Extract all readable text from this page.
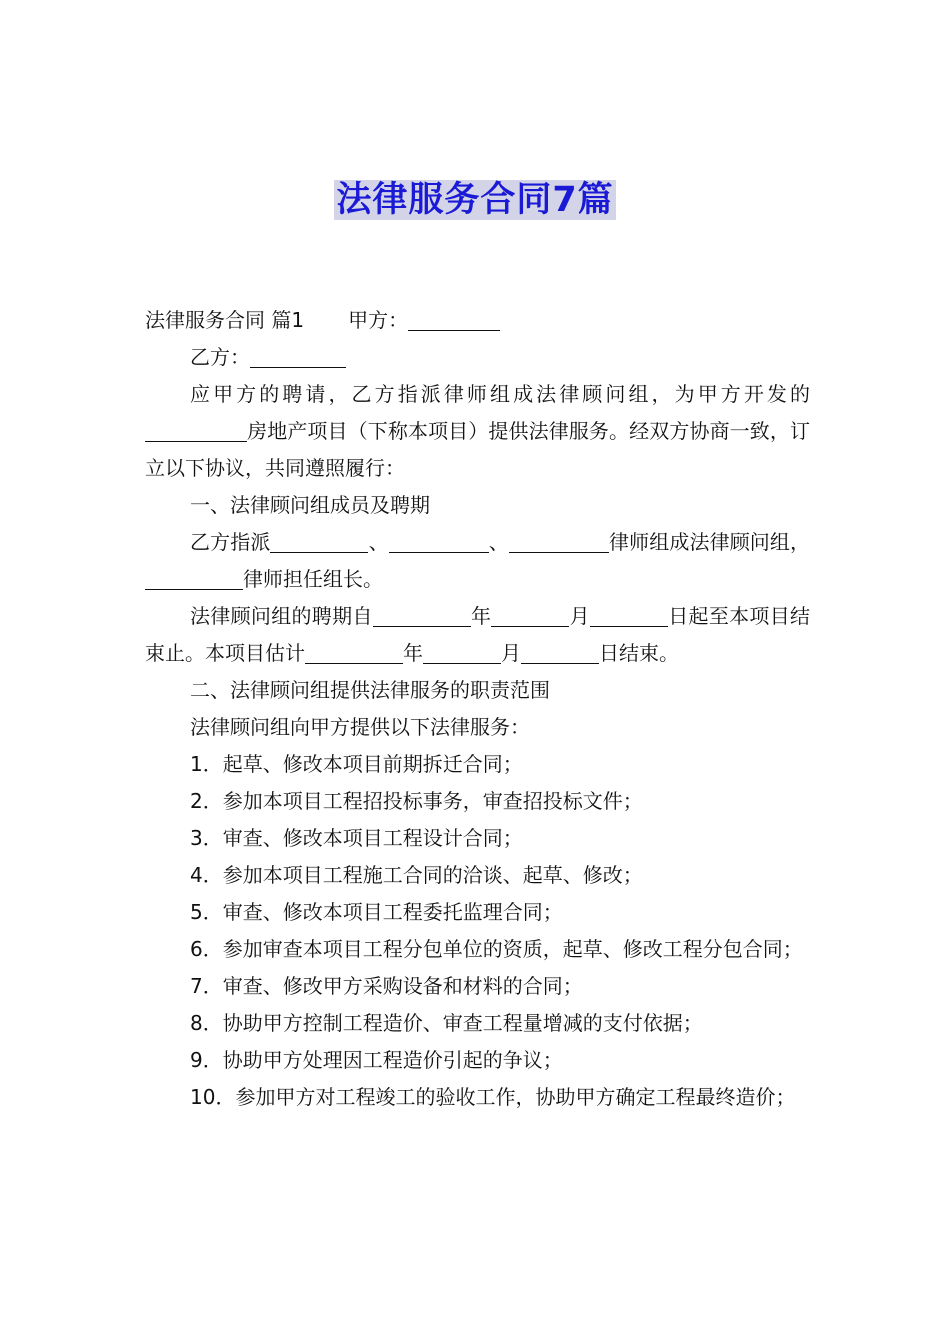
法律服务合同7篇

法律服务合同 篇1 甲方：

乙方：

应甲方的聘请，乙方指派律师组成法律顾问组，为甲方开发的房地产项目（下称本项目）提供法律服务。经双方协商一致，订立以下协议，共同遵照履行：

一、法律顾问组成员及聘期

乙方指派	、	、	律师组成法律顾问组，律师担任组长。

法律顾问组的聘期自	年	月	日起至本项目结束止。本项目估计	年	月	日结束。

二、法律顾问组提供法律服务的职责范围

法律顾问组向甲方提供以下法律服务：

1．起草、修改本项目前期拆迁合同；

2．参加本项目工程招投标事务，审查招投标文件；

3．审查、修改本项目工程设计合同；

4．参加本项目工程施工合同的洽谈、起草、修改；

5．审查、修改本项目工程委托监理合同；

6．参加审查本项目工程分包单位的资质，起草、修改工程分包合同；

7．审查、修改甲方采购设备和材料的合同；

8．协助甲方控制工程造价、审查工程量增减的支付依据；

9．协助甲方处理因工程造价引起的争议；

10．参加甲方对工程竣工的验收工作，协助甲方确定工程最终造价；
